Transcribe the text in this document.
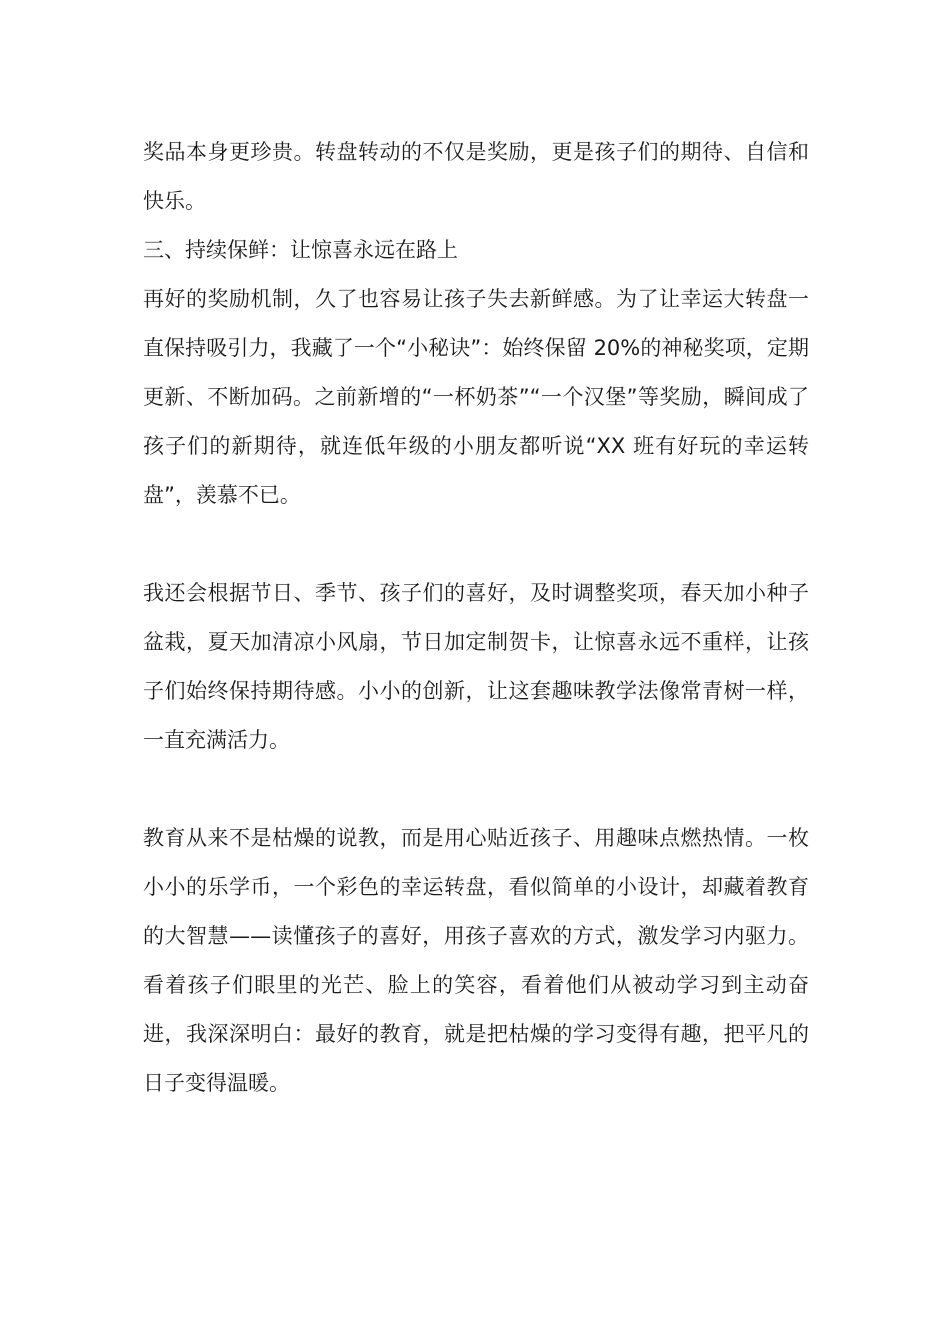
奖品本身更珍贵。转盘转动的不仅是奖励，更是孩子们的期待、自信和快乐。

三、持续保鲜：让惊喜永远在路上

再好的奖励机制，久了也容易让孩子失去新鲜感。为了让幸运大转盘一直保持吸引力，我藏了一个“小秘诀”：始终保留 20%的神秘奖项，定期更新、不断加码。之前新增的“一杯奶茶”“一个汉堡”等奖励，瞬间成了孩子们的新期待，就连低年级的小朋友都听说“XX 班有好玩的幸运转盘”，羡慕不已。

我还会根据节日、季节、孩子们的喜好，及时调整奖项，春天加小种子盆栽，夏天加清凉小风扇，节日加定制贺卡，让惊喜永远不重样，让孩子们始终保持期待感。小小的创新，让这套趣味教学法像常青树一样，一直充满活力。

教育从来不是枯燥的说教，而是用心贴近孩子、用趣味点燃热情。一枚小小的乐学币，一个彩色的幸运转盘，看似简单的小设计，却藏着教育的大智慧——读懂孩子的喜好，用孩子喜欢的方式，激发学习内驱力。看着孩子们眼里的光芒、脸上的笑容，看着他们从被动学习到主动奋进，我深深明白：最好的教育，就是把枯燥的学习变得有趣，把平凡的日子变得温暖。
